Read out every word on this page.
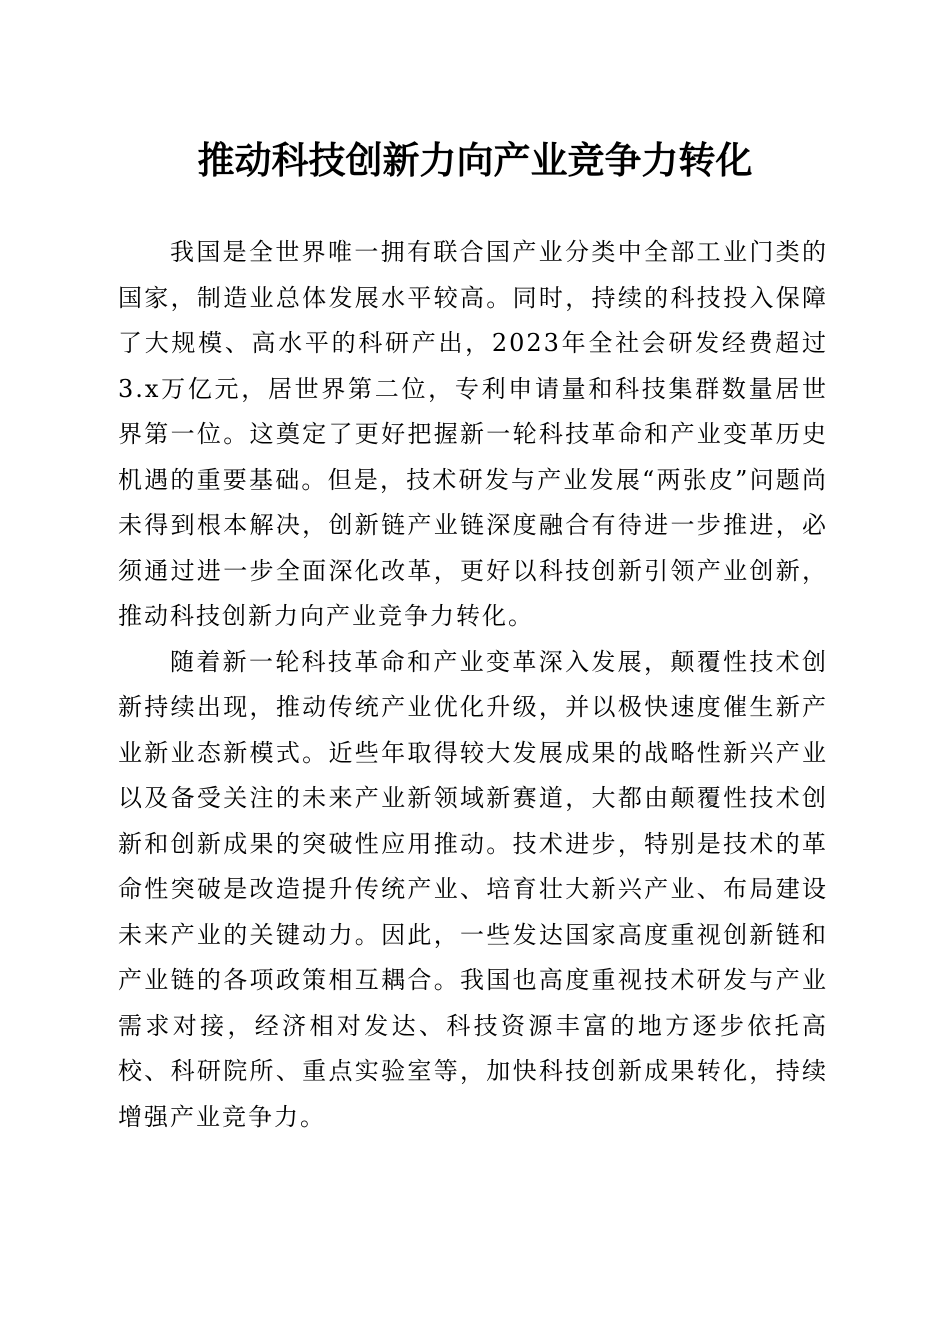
推动科技创新力向产业竞争力转化

我国是全世界唯一拥有联合国产业分类中全部工业门类的国家，制造业总体发展水平较高。同时，持续的科技投入保障了大规模、高水平的科研产出，2023年全社会研发经费超过3.x万亿元，居世界第二位，专利申请量和科技集群数量居世界第一位。这奠定了更好把握新一轮科技革命和产业变革历史机遇的重要基础。但是，技术研发与产业发展“两张皮”问题尚未得到根本解决，创新链产业链深度融合有待进一步推进，必须通过进一步全面深化改革，更好以科技创新引领产业创新，推动科技创新力向产业竞争力转化。

随着新一轮科技革命和产业变革深入发展，颠覆性技术创新持续出现，推动传统产业优化升级，并以极快速度催生新产业新业态新模式。近些年取得较大发展成果的战略性新兴产业以及备受关注的未来产业新领域新赛道，大都由颠覆性技术创新和创新成果的突破性应用推动。技术进步，特别是技术的革命性突破是改造提升传统产业、培育壮大新兴产业、布局建设未来产业的关键动力。因此，一些发达国家高度重视创新链和产业链的各项政策相互耦合。我国也高度重视技术研发与产业需求对接，经济相对发达、科技资源丰富的地方逐步依托高校、科研院所、重点实验室等，加快科技创新成果转化，持续增强产业竞争力。
